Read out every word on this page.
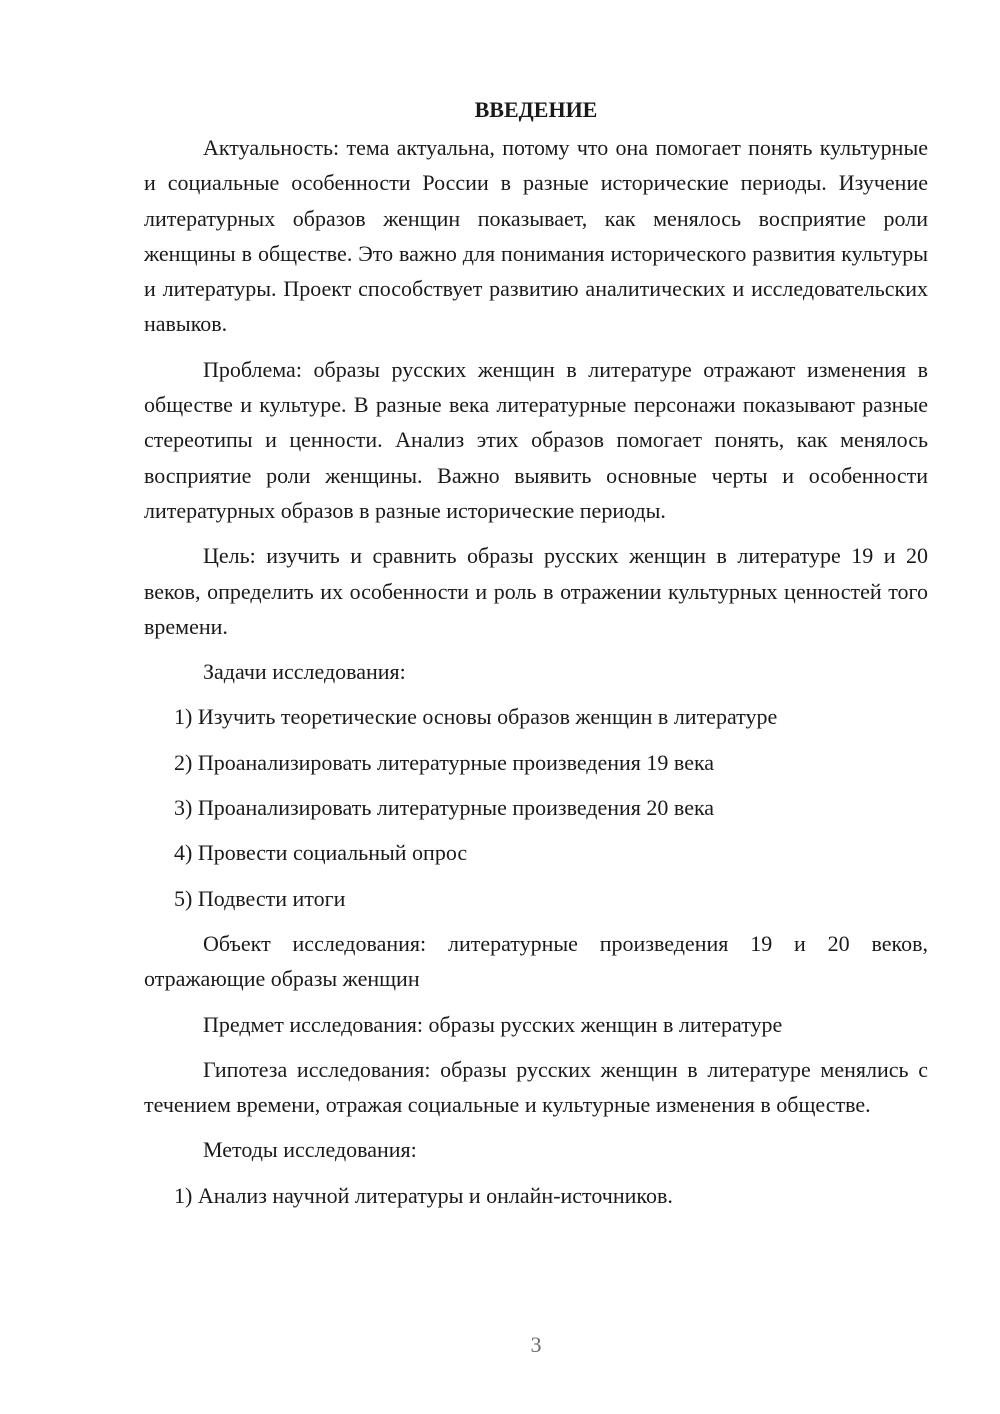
ВВЕДЕНИЕ

Актуальность: тема актуальна, потому что она помогает понять культурные и социальные особенности России в разные исторические периоды. Изучение литературных образов женщин показывает, как менялось восприятие роли женщины в обществе. Это важно для понимания исторического развития культуры и литературы. Проект способствует развитию аналитических и исследовательских навыков.

Проблема: образы русских женщин в литературе отражают изменения в обществе и культуре. В разные века литературные персонажи показывают разные стереотипы и ценности. Анализ этих образов помогает понять, как менялось восприятие роли женщины. Важно выявить основные черты и особенности литературных образов в разные исторические периоды.

Цель: изучить и сравнить образы русских женщин в литературе 19 и 20 веков, определить их особенности и роль в отражении культурных ценностей того времени.

Задачи исследования:

1) Изучить теоретические основы образов женщин в литературе
2) Проанализировать литературные произведения 19 века
3) Проанализировать литературные произведения 20 века
4) Провести социальный опрос
5) Подвести итоги

Объект исследования: литературные произведения 19 и 20 веков, отражающие образы женщин

Предмет исследования: образы русских женщин в литературе

Гипотеза исследования: образы русских женщин в литературе менялись с течением времени, отражая социальные и культурные изменения в обществе.

Методы исследования:

1) Анализ научной литературы и онлайн-источников.
3
